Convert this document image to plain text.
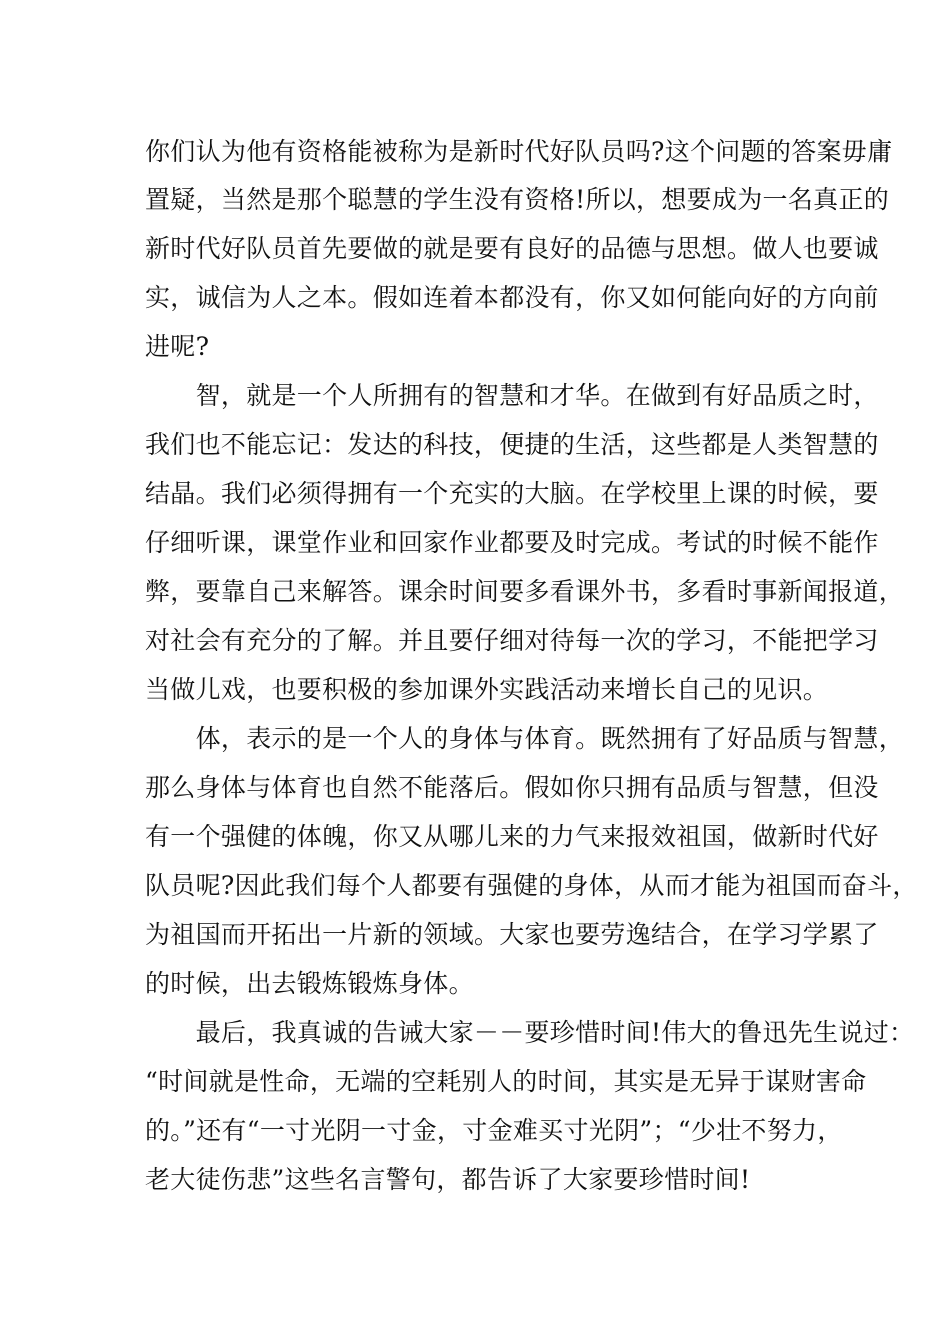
你们认为他有资格能被称为是新时代好队员吗?这个问题的答案毋庸
置疑，当然是那个聪慧的学生没有资格!所以，想要成为一名真正的
新时代好队员首先要做的就是要有良好的品德与思想。做人也要诚
实，诚信为人之本。假如连着本都没有，你又如何能向好的方向前
进呢?
　　智，就是一个人所拥有的智慧和才华。在做到有好品质之时，
我们也不能忘记：发达的科技，便捷的生活，这些都是人类智慧的
结晶。我们必须得拥有一个充实的大脑。在学校里上课的时候，要
仔细听课，课堂作业和回家作业都要及时完成。考试的时候不能作
弊，要靠自己来解答。课余时间要多看课外书，多看时事新闻报道，
对社会有充分的了解。并且要仔细对待每一次的学习，不能把学习
当做儿戏，也要积极的参加课外实践活动来增长自己的见识。
　　体，表示的是一个人的身体与体育。既然拥有了好品质与智慧，
那么身体与体育也自然不能落后。假如你只拥有品质与智慧，但没
有一个强健的体魄，你又从哪儿来的力气来报效祖国，做新时代好
队员呢?因此我们每个人都要有强健的身体，从而才能为祖国而奋斗，
为祖国而开拓出一片新的领域。大家也要劳逸结合，在学习学累了
的时候，出去锻炼锻炼身体。
　　最后，我真诚的告诫大家－－要珍惜时间!伟大的鲁迅先生说过：
“时间就是性命，无端的空耗别人的时间，其实是无异于谋财害命
的。”还有“一寸光阴一寸金，寸金难买寸光阴”；“少壮不努力，
老大徒伤悲”这些名言警句，都告诉了大家要珍惜时间!
